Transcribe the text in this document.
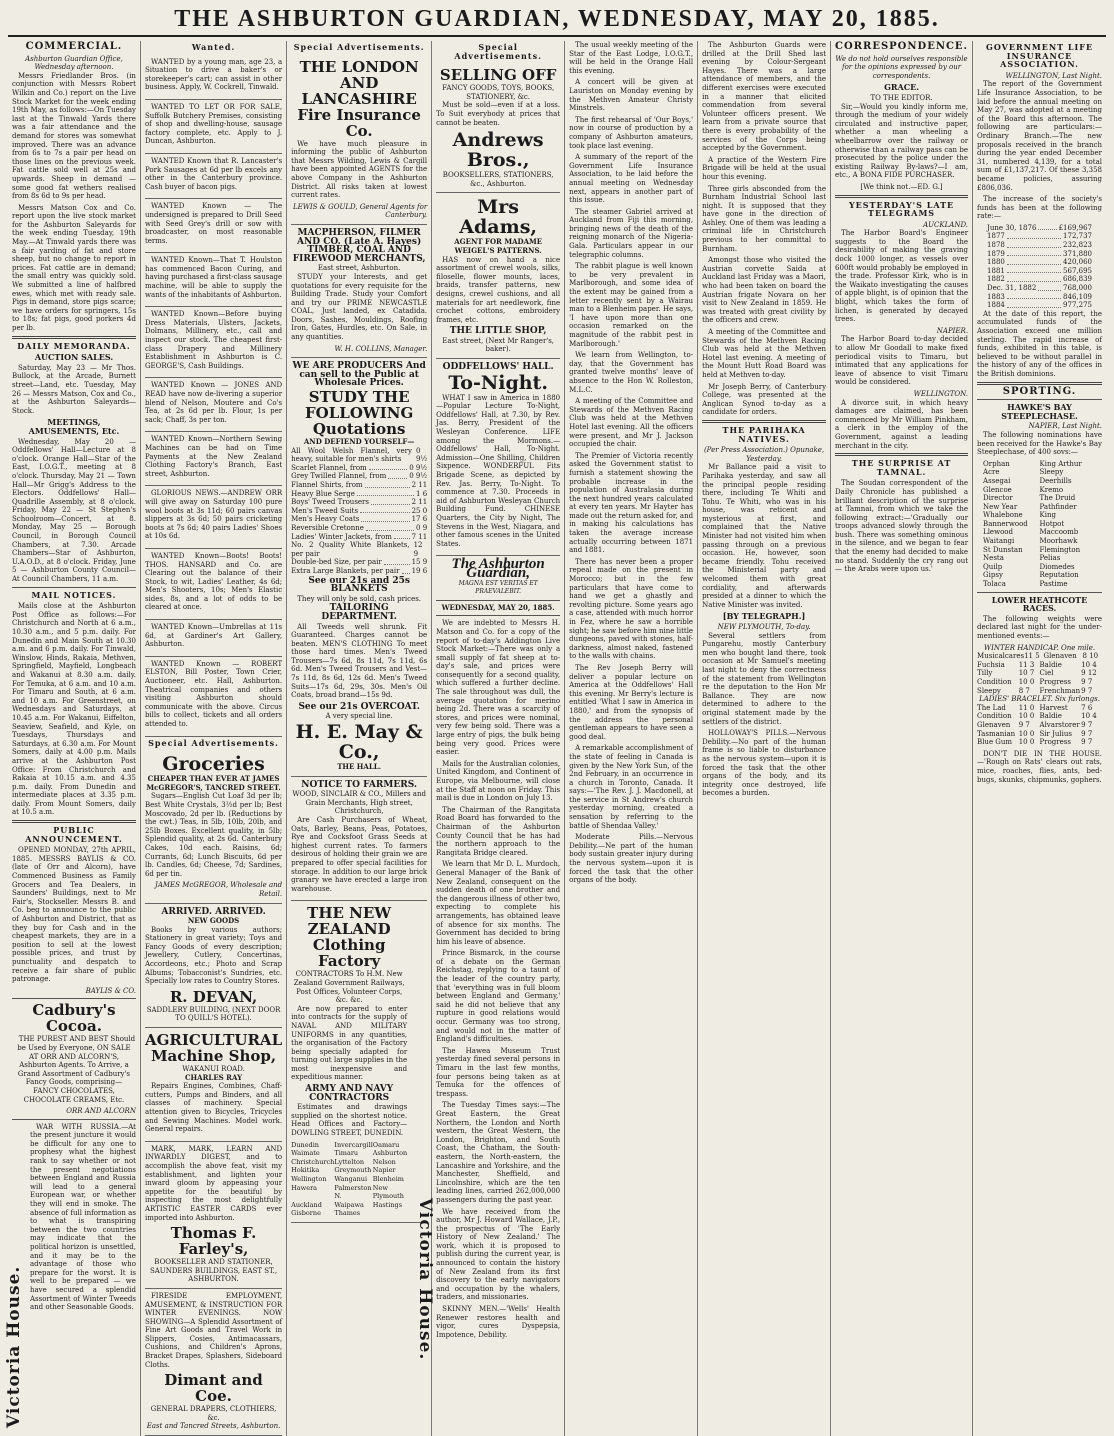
THE ASHBURTON GUARDIAN, WEDNESDAY, MAY 20, 1885.
COMMERCIAL.
Ashburton Guardian Office, Wednesday afternoon.

Messrs Friedlander Bros. (in conjunction with Messrs Robert Wilkin and Co.) report on the Live Stock Market for the week ending 19th May, as follows:—On Tuesday last at the Tinwald Yards there was a fair attendance and the demand for stores was somewhat improved. There was an advance from 6s to 7s a pair per head on those lines on the previous week. Fat cattle sold well at 25s and upwards. Sheep in demand — some good fat wethers realised from 8s 6d to 9s per head.

Messrs Matson Cox and Co. report upon the live stock market for the Ashburton Saleyards for the week ending Tuesday, 19th May.—At Tinwald yards there was a fair yarding of fat and store sheep, but no change to report in prices. Fat cattle are in demand; the small entry was quickly sold. We submitted a line of halfbred ewes, which met with ready sale. Pigs in demand, store pigs scarce; we have orders for springers, 15s to 18s; fat pigs, good porkers 4d per lb.

DAILY MEMORANDA.
AUCTION SALES.

Saturday, May 23 — Mr Thos. Bullock, at the Arcade, Burnett street—Land, etc. Tuesday, May 26 — Messrs Matson, Cox and Co., at the Ashburton Saleyards—Stock.

MEETINGS, AMUSEMENTS, Etc.

Wednesday, May 20 — Oddfellows' Hall—Lecture at 8 o'clock. Orange Hall—Star of the East, I.O.G.T., meeting at 8 o'clock. Thursday, May 21 — Town Hall—Mr Grigg's Address to the Electors. Oddfellows' Hall—Quadrille Assembly, at 8 o'clock. Friday, May 22 — St Stephen's Schoolroom—Concert, at 8. Monday, May 25 — Borough Council, in Borough Council Chambers, at 7.30. Arcade Chambers—Star of Ashburton, U.A.O.D., at 8 o'clock. Friday, June 5 — Ashburton County Council—At Council Chambers, 11 a.m.

MAIL NOTICES.

Mails close at the Ashburton Post Office as follows:—For Christchurch and North at 6 a.m., 10.30 a.m., and 5 p.m. daily. For Dunedin and Main South at 10.30 a.m. and 6 p.m. daily. For Tinwald, Winslow, Hinds, Rakaia, Methven, Springfield, Mayfield, Longbeach and Wakanui at 8.30 a.m. daily. For Temuka, at 6 a.m. and 10 a.m. For Timaru and South, at 6 a.m. and 10 a.m. For Greenstreet, on Wednesdays and Saturdays, at 10.45 a.m. For Wakanui, Eiffelton, Seaview, Seafield, and Kyle, on Tuesdays, Thursdays and Saturdays, at 6.30 a.m. For Mount Somers, daily at 4.00 p.m. Mails arrive at the Ashburton Post Office: From Christchurch and Rakaia at 10.15 a.m. and 4.35 p.m. daily. From Dunedin and intermediate places at 3.35 p.m. daily. From Mount Somers, daily at 10.5 a.m.

PUBLIC ANNOUNCEMENT.

OPENED MONDAY, 27th APRIL, 1885. MESSRS BAYLIS & CO. (late of Orr and Alcorn), have Commenced Business as Family Grocers and Tea Dealers, in Saunders' Buildings, next to Mr Fair's, Stockseller. Messrs B. and Co. beg to announce to the public of Ashburton and District, that as they buy for Cash and in the cheapest markets, they are in a position to sell at the lowest possible prices, and trust by punctuality and despatch to receive a fair share of public patronage.

BAYLIS & CO.
Cadbury's Cocoa.

THE PUREST AND BEST Should be Used by Everyone, ON SALE AT ORR AND ALCORN'S, Ashburton Agents. To Arrive, a Grand Assortment of Cadbury's Fancy Goods, comprising— FANCY CHOCOLATES, CHOCOLATE CREAMS, Etc.

ORR AND ALCORN

WAR WITH RUSSIA.—At the present juncture it would be difficult for any one to prophesy what the highest rank to say whether or not the present negotiations between England and Russia will lead to a general European war, or whether they will end in smoke. The absence of full information as to what is transpiring between the two countries may indicate that the political horizon is unsettled, and it may be to the advantage of those who prepare for the worst. It is well to be prepared — we have secured a splendid Assortment of Winter Tweeds and other Seasonable Goods.

Victoria House.
Wanted.

WANTED by a young man, age 23, a Situation to drive a baker's or storekeeper's cart; can assist in other business. Apply, W. Cockrell, Tinwald.

WANTED TO LET OR FOR SALE, Suffolk Butchery Premises, consisting of shop and dwelling-house, sausage factory complete, etc. Apply to J. Duncan, Ashburton.

WANTED Known that R. Lancaster's Pork Sausages at 6d per lb excels any other in the Canterbury province. Cash buyer of bacon pigs.

WANTED Known — The undersigned is prepared to Drill Seed with Seed Grey's drill or sow with broadcaster, on most reasonable terms.

WANTED Known—That T. Houlston has commenced Bacon Curing, and having purchased a first-class sausage machine, will be able to supply the wants of the inhabitants of Ashburton.

WANTED Known—Before buying Dress Materials, Ulsters, Jackets, Dolmans, Millinery, etc., call and inspect our stock. The cheapest first-class Drapery and Millinery Establishment in Ashburton is C. GEORGE'S, Cash Buildings.

WANTED Known — JONES AND READ have now de-livering a superior blend of Nelson, Moutere and Co's Tea, at 2s 6d per lb. Flour, 1s per sack; Chaff, 3s per ton.

WANTED Known—Northern Sewing Machines can be had on Time Payments at the New Zealand Clothing Factory's Branch, East street, Ashburton.

GLORIOUS NEWS.—ANDREW ORR will give away on Saturday 100 pure wool boots at 3s 11d; 60 pairs canvas slippers at 3s 6d; 50 pairs cricketing boots at 7s 6d; 40 pairs Ladies' Shoes at 10s 6d.

WANTED Known—Boots! Boots! THOS. HANSARD and Co. are Clearing out the balance of their Stock, to wit, Ladies' Leather, 4s 6d; Men's Shooters, 10s; Men's Elastic sides, 8s, and a lot of odds to be cleared at once.

WANTED Known—Umbrellas at 11s 6d, at Gardiner's Art Gallery, Ashburton.

WANTED Known — ROBERT ELSTON, Bill Poster, Town Crier, Auctioneer, etc. Hall, Ashburton. Theatrical companies and others visiting Ashburton should communicate with the above. Circus bills to collect, tickets and all orders attended to.

Special Advertisements.
Groceries
CHEAPER THAN EVER AT JAMES McGREGOR'S, TANCRED STREET.

Sugars—English Cut Loaf 3d per lb; Best White Crystals, 3½d per lb; Best Moscovado, 2d per lb. (Reductions by the cwt.) Teas, in 5lb, 10lb, 20lb, and 25lb Boxes. Excellent quality, in 5lb; Splendid quality, at 2s 6d. Canterbury Cakes, 10d each. Raisins, 6d; Currants, 6d; Lunch Biscuits, 6d per lb. Candles, 6d; Cheese, 7d; Sardines, 6d per tin.

JAMES McGREGOR, Wholesale and Retail.
ARRIVED. ARRIVED.
NEW GOODS

Books by various authors; Stationery in great variety; Toys and Fancy Goods of every description; Jewellery, Cutlery, Concertinas, Accordeons, etc.; Photo and Scrap Albums; Tobacconist's Sundries, etc. Specially low rates to Country Stores.

R. DEVAN,
SADDLERY BUILDING, (NEXT DOOR TO QUILL'S HOTEL).
AGRICULTURAL Machine Shop,
WAKANUI ROAD.
CHARLES RAY

Repairs Engines, Combines, Chaff-cutters, Pumps and Binders, and all classes of machinery. Special attention given to Bicycles, Tricycles and Sewing Machines. Model work. General repairs.

MARK, MARK, LEARN AND INWARDLY DIGEST, and to accomplish the above feat, visit my establishment, and lighten your inward gloom by appeasing your appetite for the beautiful by inspecting the most delightfully ARTISTIC EASTER CARDS ever imported into Ashburton.

Thomas F. Farley's,
BOOKSELLER AND STATIONER, SAUNDERS BUILDINGS, EAST ST., ASHBURTON.

FIRESIDE EMPLOYMENT, AMUSEMENT, & INSTRUCTION FOR WINTER EVENINGS. NOW SHOWING—A Splendid Assortment of Fine Art Goods and Travel Work in Slippers, Cosies, Antimacassars, Cushions, and Children's Aprons, Bracket Drapes, Splashers, Sideboard Cloths.

Dimant and Coe.
GENERAL DRAPERS, CLOTHIERS, &c.
East and Tancred Streets, Ashburton.
Special Advertisements.
THE LONDON AND LANCASHIRE Fire Insurance Co.

We have much pleasure in informing the public of Ashburton that Messrs Wilding, Lewis & Cargill have been appointed AGENTS for the above Company in the Ashburton District. All risks taken at lowest current rates.

LEWIS & GOULD, General Agents for Canterbury.
MACPHERSON, FILMER AND CO. (Late A. Hayes) TIMBER, COAL AND FIREWOOD MERCHANTS,
East street, Ashburton.

STUDY your Interests, and get quotations for every requisite for the Building Trade. Study your Comfort and try our PRIME NEWCASTLE COAL, Just landed, ex Catadida. Doors, Sashes, Mouldings, Roofing Iron, Gates, Hurdles, etc. On Sale, in any quantities.

W. H. COLLINS, Manager.
WE ARE PRODUCERS And can sell to the Public at Wholesale Prices.
STUDY THE FOLLOWING Quotations
AND DEFIEND YOURSELF—
All Wool Welsh Flannel, very heavy, suitable for men's shirts
0 9½
Scarlet Flannel, from	0 9½
Grey Twilled Flannel, from	0 9½
Flannel Shirts, from	2 11
Heavy Blue Serge	1 6
Boys' Tweed Trousers	2 11
Men's Tweed Suits	25 0
Men's Heavy Coats	17 6
Reversible Cretonne	0 9
Ladies' Winter Jackets, from	7 11
No. 2 Quality White Blankets, per pair
12 9
Double-bed Size, per pair	15 9
Extra Large Blankets, per pair 19 6
See our 21s and 25s BLANKETS
They will only be sold, cash prices.
TAILORING DEPARTMENT.

All Tweeds well shrunk. Fit Guaranteed. Charges cannot be beaten. MEN'S CLOTHING To meet those hard times. Men's Tweed Trousers—7s 6d, 8s 11d, 7s 11d, 6s 6d. Men's Tweed Trousers and Vest—7s 11d, 8s 6d, 12s 6d. Men's Tweed Suits—17s 6d, 29s, 30s. Men's Oil Coats, broad brand—15s 9d.

See our 21s OVERCOAT.
A very special line.
H. E. May & Co.,
THE HALL.
NOTICE TO FARMERS.
WOOD, SINCLAIR & CO., Millers and Grain Merchants, High street, Christchurch,

Are Cash Purchasers of Wheat, Oats, Barley, Beans, Peas, Potatoes, Rye and Cocksfoot Grass Seeds at highest current rates. To farmers desirous of holding their grain we are prepared to offer special facilities for storage. In addition to our large brick granary we have erected a large iron warehouse.

THE NEW ZEALAND Clothing Factory
CONTRACTORS To H.M. New Zealand Government Railways, Post Offices, Volunteer Corps, &c. &c.

Are now prepared to enter into contracts for the supply of NAVAL AND MILITARY UNIFORMS in any quantities, the organisation of the Factory being specially adapted for turning out large supplies in the most inexpensive and expeditious manner.

ARMY AND NAVY CONTRACTORS

Estimates and drawings supplied on the shortest notice. Head Offices and Factory— DOWLING STREET, DUNEDIN.

Dunedin	Invercargill Oamaru
Waimate	Timaru	Ashburton
Christchurch Lyttelton	Nelson
Hokitika	Greymouth Napier
Wellington	Wanganui Blenheim
Hawera	Palmerston N.
New Plymouth
Auckland	Waipawa	Hastings
Gisborne	Thames	Victoria House.
Special Advertisements.
SELLING OFF
FANCY GOODS, TOYS, BOOKS, STATIONERY, &c.

Must be sold—even if at a loss. To Suit everybody at prices that cannot be beaten.

Andrews Bros.,
BOOKSELLERS, STATIONERS, &c., Ashburton.
Mrs Adams,
AGENT FOR MADAME WEIGEL'S PATTERNS.

HAS now on hand a nice assortment of crewel wools, silks, filoselle, flower mounts, laces, braids, transfer patterns, new designs, crewel cushions, and all materials for art needlework, fine crochet cottons, embroidery frames, etc.

THE LITTLE SHOP,
East street, (Next Mr Ranger's, baker).
ODDFELLOWS' HALL.
To-Night.

WHAT I saw in America in 1880—Popular Lecture To-Night, Oddfellows' Hall, at 7.30, by Rev. Jas. Berry, President of the Wesleyan Conference. LIFE among the Mormons.—Oddfellows' Hall, To-Night. Admission—One Shilling, Children Sixpence. WONDERFUL Fits Brigade Scene, as depicted by Rev. Jas. Berry, To-Night. To commence at 7.30. Proceeds in aid of Ashburton Wesleyan Church Building Fund. CHINESE Quarters, the City by Night, The Stevens in the West, Niagara, and other famous scenes in the United States.

The Ashburton Guardian,
MAGNA EST VERITAS ET PRAEVALEBIT.
WEDNESDAY, MAY 20, 1885.

We are indebted to Messrs H. Matson and Co. for a copy of the report of to-day's Addington Live Stock Market:—There was only a small supply of fat sheep at to-day's sale, and prices were consequently for a second quality, which suffered a further decline. The sale throughout was dull, the average quotation for merino being 2d. There was a scarcity of stores, and prices were nominal, very few being sold. There was a large entry of pigs, the bulk being being very good. Prices were easier.

Mails for the Australian colonies, United Kingdom, and Continent of Europe, via Melbourne, will close at the Staff at noon on Friday. This mail is due in London on July 13.

The Chairman of the Rangitata Road Board has forwarded to the Chairman of the Ashburton County Council that he has had the northern approach to the Rangitata Bridge cleared.

We learn that Mr D. L. Murdoch, General Manager of the Bank of New Zealand, consequent on the sudden death of one brother and the dangerous illness of other two, expecting to complete his arrangements, has obtained leave of absence for six months. The Government has decided to bring him his leave of absence.

Prince Bismarck, in the course of a debate on the German Reichstag, replying to a taunt of the leader of the country party, that 'everything was in full bloom between England and Germany,' said he did not believe that any rupture in good relations would occur. Germany was too strong, and would not in the matter of England's difficulties.

The Hawea Museum Trust yesterday fined several persons in Timaru in the last few months, four persons being taken as at Temuka for the offences of trespass.

The Tuesday Times says:—The Great Eastern, the Great Northern, the London and North western, the Great Western, the London, Brighton, and South Coast, the Chatham, the South-eastern, the North-eastern, the Lancashire and Yorkshire, and the Manchester, Sheffield, and Lincolnshire, which are the ten leading lines, carried 262,000,000 passengers during the past year.

We have received from the author, Mr J. Howard Wallace, J.P., the prospectus of 'The Early History of New Zealand.' The work, which it is proposed to publish during the current year, is announced to contain the history of New Zealand from its first discovery to the early navigators and occupation by the whalers, traders, and missionaries.

SKINNY MEN.—'Wells' Health Renewer restores health and vigor, cures Dyspepsia, Impotence, Debility.

The usual weekly meeting of the Star of the East Lodge, I.O.G.T., will be held in the Orange Hall this evening.

A concert will be given at Lauriston on Monday evening by the Methven Amateur Christy Minstrels.

The first rehearsal of 'Our Boys,' now in course of production by a company of Ashburton amateurs, took place last evening.

A summary of the report of the Government Life Insurance Association, to be laid before the annual meeting on Wednesday next, appears in another part of this issue.

The steamer Gabriel arrived at Auckland from Fiji this morning, bringing news of the death of the reigning monarch of the Nigeria-Gala. Particulars appear in our telegraphic columns.

The rabbit plague is well known to be very prevalent in Marlborough, and some idea of the extent may be gained from a letter recently sent by a Wairau man to a Blenheim paper. He says, 'I have upon more than one occasion remarked on the magnitude of the rabbit pest in Marlborough.'

We learn from Wellington, to-day, that the Government has granted twelve months' leave of absence to the Hon W. Rolleston, M.L.C.

A meeting of the Committee and Stewards of the Methven Racing Club was held at the Methven Hotel last evening. All the officers were present, and Mr J. Jackson occupied the chair.

The Premier of Victoria recently asked the Government statist to furnish a statement showing the probable increase in the population of Australasia during the next hundred years calculated at every ten years. Mr Hayter has made out the return asked for, and in making his calculations has taken the average increase actually occurring between 1871 and 1881.

There has never been a proper repeal made on the present in Morocco; but in the few particulars that have come to hand we get a ghastly and revolting picture. Some years ago a case, attended with much horror in Fez, where he saw a horrible sight; he saw before him nine little dungeons, paved with stones, half-darkness, almost naked, fastened to the walls with chains.

The Rev Joseph Berry will deliver a popular lecture on America at the Oddfellows' Hall this evening. Mr Berry's lecture is entitled 'What I saw in America in 1880,' and from the synopsis of the address the personal gentleman appears to have seen a good deal.

A remarkable accomplishment of the state of feeling in Canada is given by the New York Sun, of the 2nd February, in an occurrence in a church in Toronto, Canada. It says:—'The Rev. J. J. Macdonell, at the service in St Andrew's church yesterday morning, created a sensation by referring to the battle of Shendaa Valley.'

Moderate Pills.—Nervous Debility.—Ne part of the human body sustain greater injury during the nervous system—upon it is forced the task that the other organs of the body.

The Ashburton Guards were drilled at the Drill Shed last evening by Colour-Sergeant Hayes. There was a large attendance of members, and the different exercises were executed in a manner that elicited commendation from several Volunteer officers present. We learn from a private source that there is every probability of the services of the Corps being accepted by the Government.

A practice of the Western Fire Brigade will be held at the usual hour this evening.

Three girls absconded from the Burnham Industrial School last night. It is supposed that they have gone in the direction of Ashley. One of them was leading a criminal life in Christchurch previous to her committal to Burnham.

Amongst those who visited the Austrian corvette Saida at Auckland last Friday was a Maori, who had been taken on board the Austrian frigate Novara on her visit to New Zealand in 1859. He was treated with great civility by the officers and crew.

A meeting of the Committee and Stewards of the Methven Racing Club was held at the Methven Hotel last evening. A meeting of the Mount Hutt Road Board was held at Methven to-day.

Mr Joseph Berry, of Canterbury College, was presented at the Anglican Synod to-day as a candidate for orders.

THE PARIHAKA NATIVES.
(Per Press Association.) Opunake, Yesterday.

Mr Ballance paid a visit to Parihaka yesterday, and saw all the principal people residing there, including Te Whiti and Tohu. Te Whiti, who was in his house, was reticent and mysterious at first, and complained that the Native Minister had not visited him when passing through on a previous occasion. He, however, soon became friendly. Tohu received the Ministerial party and welcomed them with great cordiality, and afterwards presided at a dinner to which the Native Minister was invited.

[BY TELEGRAPH.]
NEW PLYMOUTH, To-day.

Several settlers from Pungarehu, mostly Canterbury men who bought land there, took occasion at Mr Samuel's meeting last night to deny the correctness of the statement from Wellington re the deputation to the Hon Mr Ballance. They are now determined to adhere to the original statement made by the settlers of the district.

HOLLOWAY'S PILLS.—Nervous Debility.—No part of the human frame is so liable to disturbance as the nervous system—upon it is forced the task that the other organs of the body, and its integrity once destroyed, life becomes a burden.

CORRESPONDENCE.
We do not hold ourselves responsible for the opinions expressed by our correspondents.
GRACE.
TO THE EDITOR.

Sir,—Would you kindly inform me, through the medium of your widely circulated and instructive paper, whether a man wheeling a wheelbarrow over the railway or otherwise than a railway pass can be prosecuted by the police under the existing Railway By-laws?—I am, etc., A BONA FIDE PURCHASER.

[We think not.—ED. G.]
YESTERDAY'S LATE TELEGRAMS
AUCKLAND.

The Harbor Board's Engineer suggests to the Board the desirability of making the graving dock 1000 longer, as vessels over 600ft would probably be employed in the trade. Professor Kirk, who is in the Waikato investigating the causes of apple blight, is of opinion that the blight, which takes the form of lichen, is generated by decayed trees.

NAPIER.

The Harbor Board to-day decided to allow Mr Goodall to make fixed periodical visits to Timaru, but intimated that any applications for leave of absence to visit Timaru would be considered.

WELLINGTON.

A divorce suit, in which heavy damages are claimed, has been commenced by Mr William Pinkham, a clerk in the employ of the Government, against a leading merchant in the city.

THE SURPRISE AT TAMNAL.

The Soudan correspondent of the Daily Chronicle has published a brilliant description of the surprise at Tamnai, from which we take the following extract:—'Gradually our troops advanced slowly through the bush. There was something ominous in the silence, and we began to fear that the enemy had decided to make no stand. Suddenly the cry rang out — the Arabs were upon us.'

GOVERNMENT LIFE INSURANCE ASSOCIATION.
WELLINGTON, Last Night.

The report of the Government Life Insurance Association, to be laid before the annual meeting on May 27, was adopted at a meeting of the Board this afternoon. The following are particulars:— Ordinary Branch.—The new proposals received in the branch during the year ended December 31, numbered 4,139, for a total sum of £1,137,217. Of these 3,358 became policies, assuring £806,036.

The increase of the society's funds has been at the following rate:—

June 30, 1876	£169,967
1877	172,737
1878	232,823
1879	371,880
1880	420,060
1881	567,695
1882	686,839
Dec. 31, 1882	768,000
1883	846,109
1884	977,275

At the date of this report, the accumulated funds of the Association exceed one million sterling. The rapid increase of funds, exhibited in this table, is believed to be without parallel in the history of any of the offices in the British dominions.

SPORTING.
HAWKE'S BAY STEEPLECHASE.
NAPIER, Last Night.

The following nominations have been received for the Hawke's Bay Steeplechase, of 400 sovs:—

Orphan	King Arthur
Acre	Sleepy
Assegai	Deerhills
Glencoe	Kremo
Director	The Druid
New Year	Pathfinder
Whalebone	King
Bannerwood	Hotpot
Llewood	Maccoomb
Waitangi	Moorhawk
St Dunstan	Flemington
Nesta	Pelias
Quilp	Diomedes
Gipsy	Reputation
Tolaca	Pastime
LOWER HEATHCOTE RACES.

The following weights were declared last night for the under-mentioned events:—

WINTER HANDICAP. One mile.
Musicalcares 11 5 Glenaven 8 10
Fuchsia	11 3 Baldie	10 4
Tilly	10 7 Ciel	9 12
Condition	10 0 Progress	9 7
Sleepy	8 7	Frenchman 9 7
LADIES' BRACELET. Six furlongs.
The Lad	11 0 Harvest	7 6
Condition	10 0 Baldie	10 4
Glenaven	9 7	Alvarstorer 9 7
Tasmanian 10 0 Sir Julius	9 7
Blue Gum 10 0 Progress	9 7

DON'T DIE IN THE HOUSE.—'Rough on Rats' clears out rats, mice, roaches, flies, ants, bed-bugs, skunks, chipmunks, gophers.
